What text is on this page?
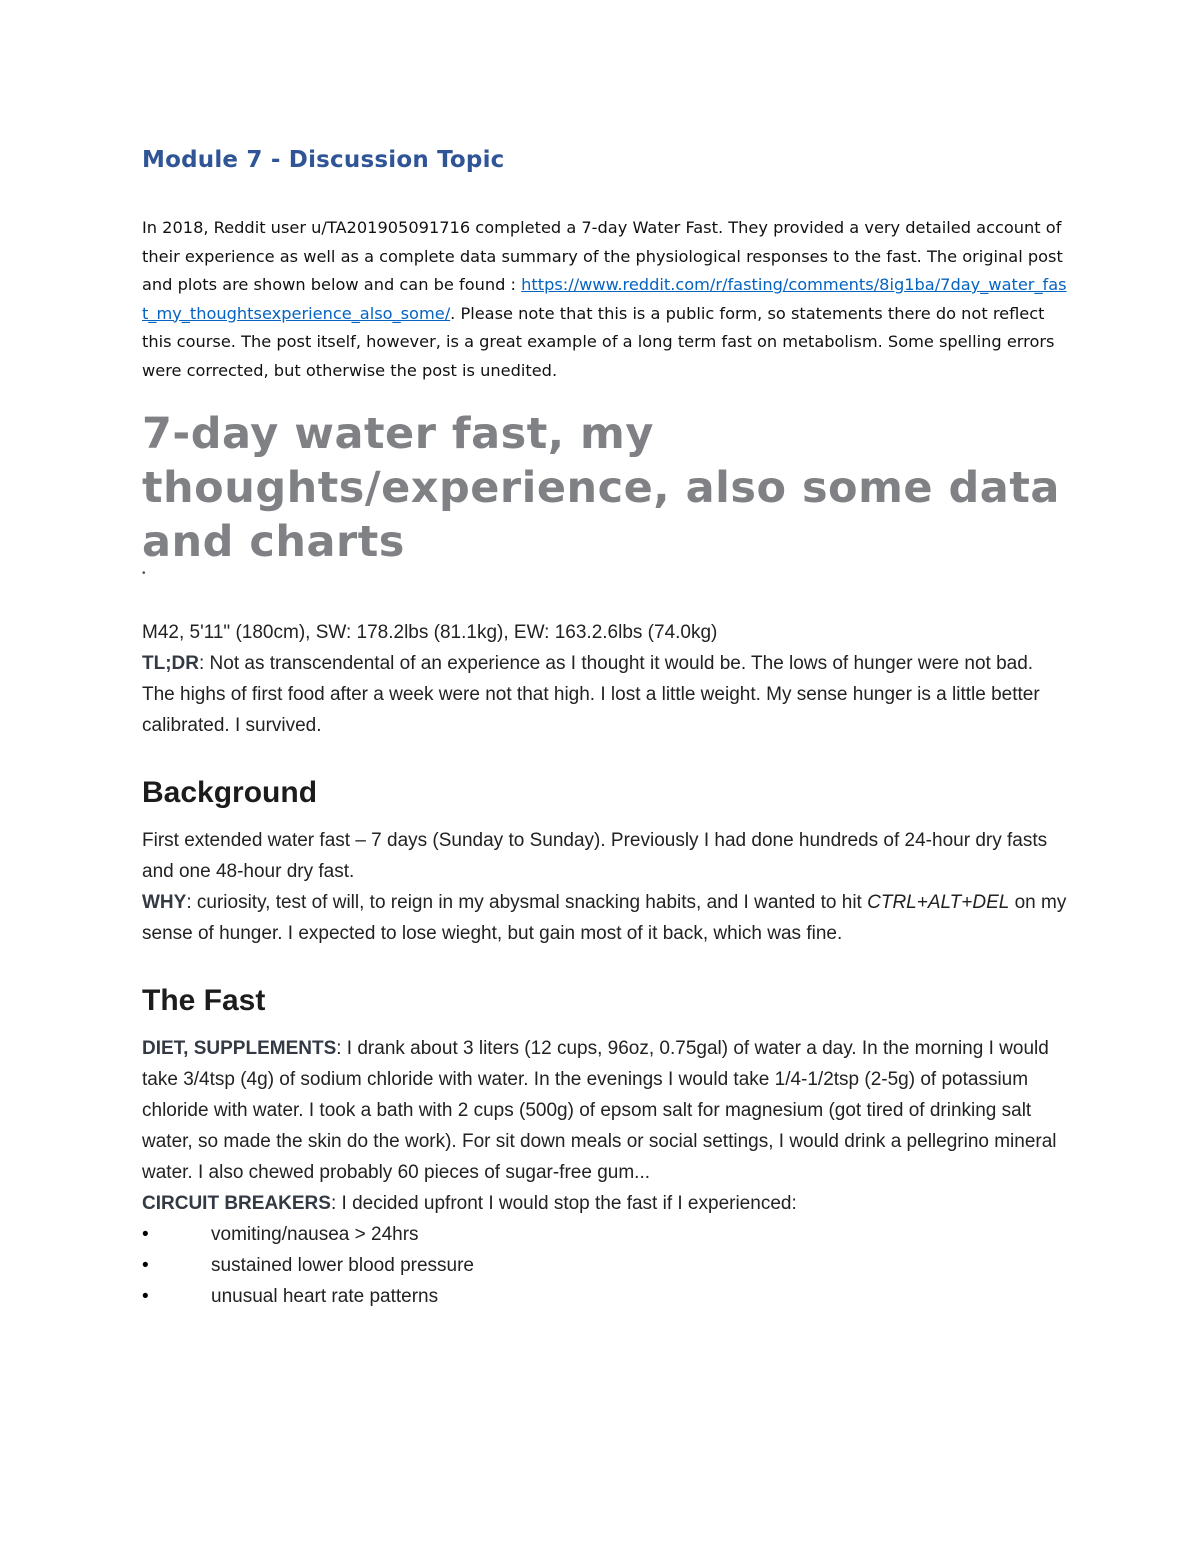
Module 7 - Discussion Topic

In 2018, Reddit user u/TA201905091716 completed a 7-day Water Fast. They provided a very detailed account of their experience as well as a complete data summary of the physiological responses to the fast. The original post and plots are shown below and can be found : https://www.reddit.com/r/fasting/comments/8ig1ba/7day_water_fast_my_thoughtsexperience_also_some/. Please note that this is a public form, so statements there do not reflect this course. The post itself, however, is a great example of a long term fast on metabolism. Some spelling errors were corrected, but otherwise the post is unedited.

7-day water fast, my thoughts/experience, also some data and charts
•

M42, 5'11" (180cm), SW: 178.2lbs (81.1kg), EW: 163.2.6lbs (74.0kg)

TL;DR: Not as transcendental of an experience as I thought it would be. The lows of hunger were not bad. The highs of first food after a week were not that high. I lost a little weight. My sense hunger is a little better calibrated. I survived.

Background

First extended water fast – 7 days (Sunday to Sunday). Previously I had done hundreds of 24-hour dry fasts and one 48-hour dry fast.

WHY: curiosity, test of will, to reign in my abysmal snacking habits, and I wanted to hit CTRL+ALT+DEL on my sense of hunger. I expected to lose wieght, but gain most of it back, which was fine.

The Fast

DIET, SUPPLEMENTS: I drank about 3 liters (12 cups, 96oz, 0.75gal) of water a day. In the morning I would take 3/4tsp (4g) of sodium chloride with water. In the evenings I would take 1/4-1/2tsp (2-5g) of potassium chloride with water. I took a bath with 2 cups (500g) of epsom salt for magnesium (got tired of drinking salt water, so made the skin do the work). For sit down meals or social settings, I would drink a pellegrino mineral water. I also chewed probably 60 pieces of sugar-free gum...

CIRCUIT BREAKERS: I decided upfront I would stop the fast if I experienced:

•	vomiting/nausea > 24hrs
•	sustained lower blood pressure
•	unusual heart rate patterns
